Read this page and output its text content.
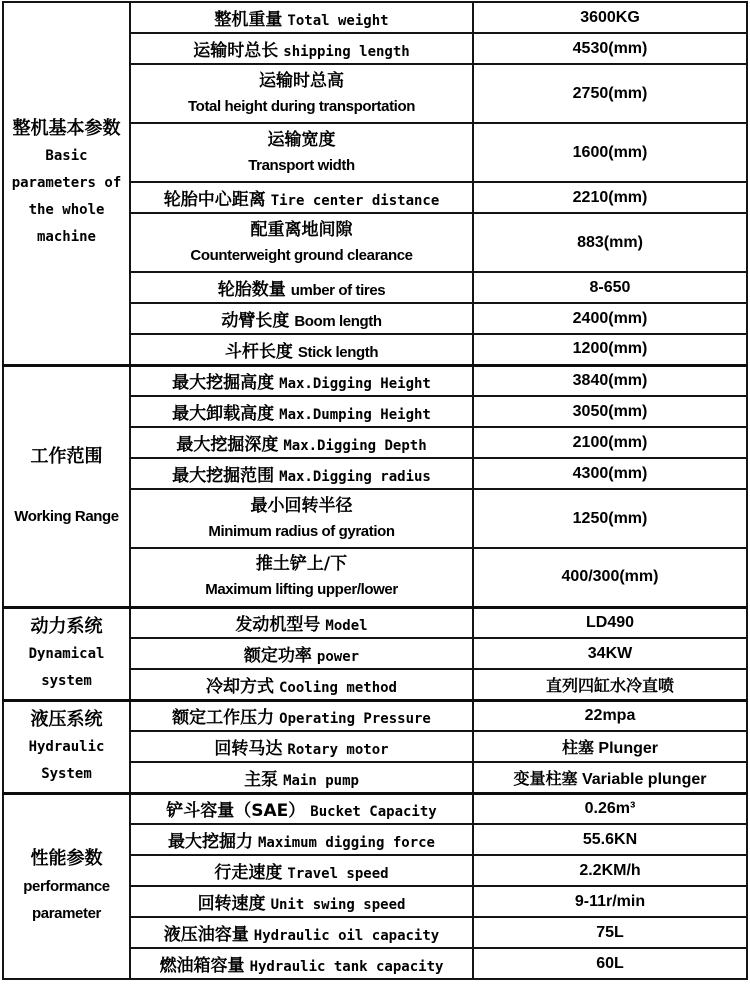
整机基本参数
Basic
parameters of
the whole
machine	整机重量 Total weight	3600KG

	运输时总长 shipping length	4530(mm)

	运输时总高
Total height during transportation	2750(mm)

	运输宽度
Transport width	1600(mm)

	轮胎中心距离 Tire center distance	2210(mm)

	配重离地间隙
Counterweight ground clearance	883(mm)

	轮胎数量 umber of tires	8-650

	动臂长度 Boom length	2400(mm)

	斗杆长度 Stick length	1200(mm)

工作范围
Working Range	最大挖掘高度 Max.Digging Height	3840(mm)

	最大卸载高度 Max.Dumping Height	3050(mm)

	最大挖掘深度 Max.Digging Depth	2100(mm)

	最大挖掘范围 Max.Digging radius	4300(mm)

	最小回转半径
Minimum radius of gyration	1250(mm)

	推土铲上/下
Maximum lifting upper/lower	400/300(mm)

动力系统
Dynamical
system	发动机型号 Model	LD490

	额定功率 power	34KW

	冷却方式 Cooling method	直列四缸水冷直喷

液压系统
Hydraulic
System	额定工作压力 Operating Pressure	22mpa

	回转马达 Rotary motor	柱塞 Plunger

	主泵 Main pump	变量柱塞 Variable plunger

性能参数
performance
parameter	铲斗容量（SAE） Bucket Capacity	0.26m³

	最大挖掘力 Maximum digging force	55.6KN

	行走速度 Travel speed	2.2KM/h

	回转速度 Unit swing speed	9-11r/min

	液压油容量 Hydraulic oil capacity	75L

	燃油箱容量 Hydraulic tank capacity	60L
